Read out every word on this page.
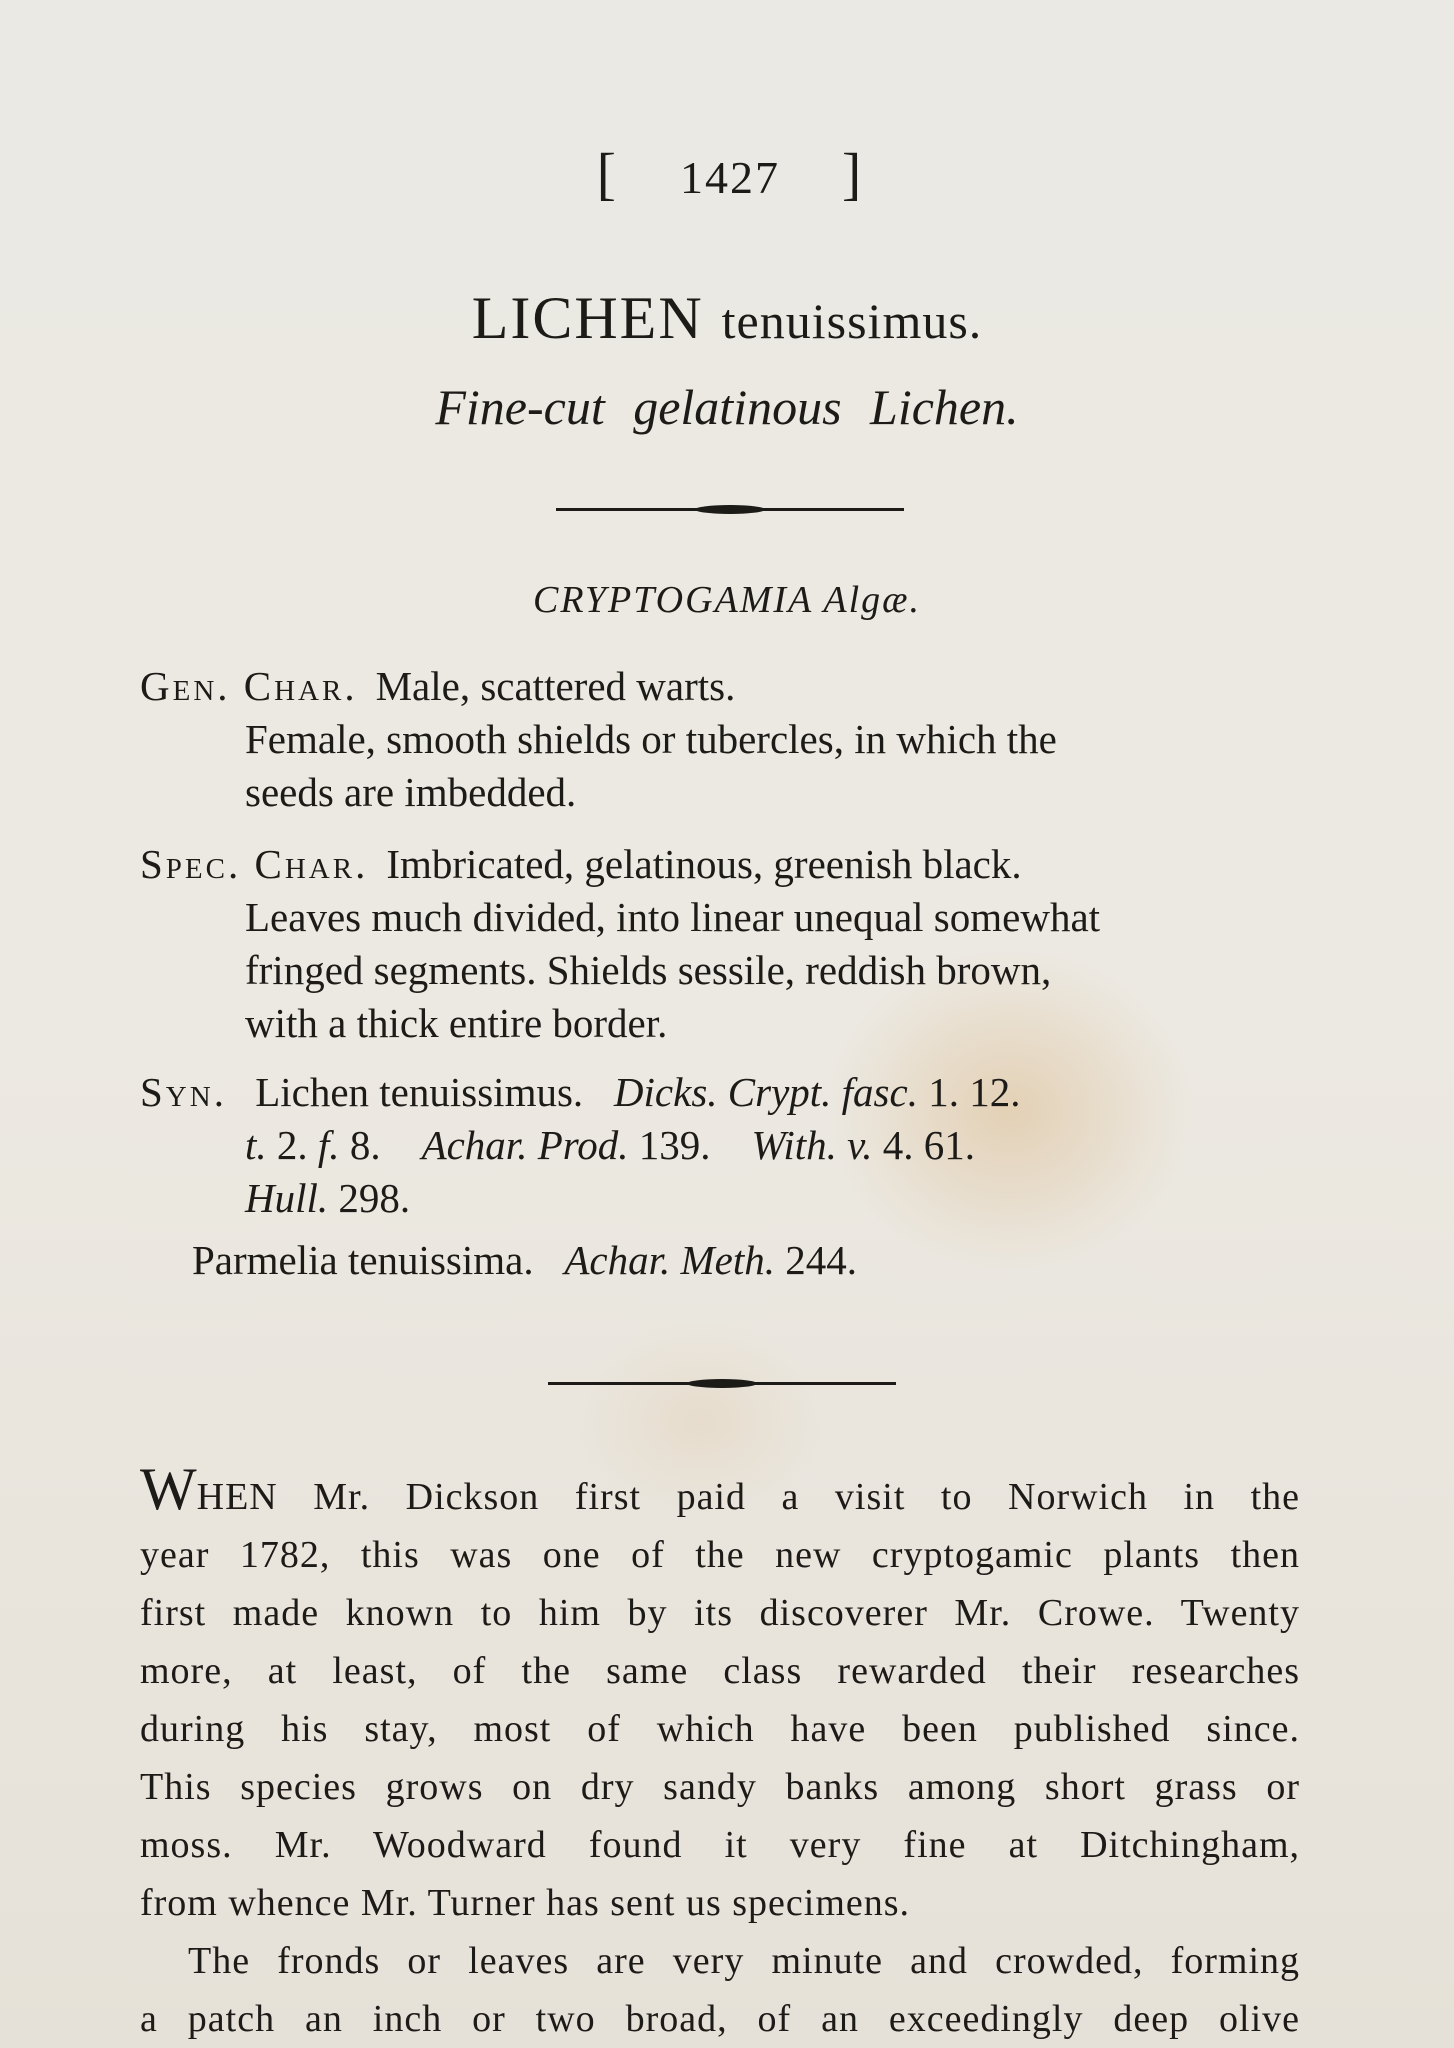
[ 1427 ]
LICHEN tenuissimus.
Fine-cut gelatinous Lichen.
CRYPTOGAMIA Algæ.
Gen. Char. Male, scattered warts.
Female, smooth shields or tubercles, in which the
seeds are imbedded.
Spec. Char. Imbricated, gelatinous, greenish black.
Leaves much divided, into linear unequal somewhat
fringed segments. Shields sessile, reddish brown,
with a thick entire border.
Syn. Lichen tenuissimus. Dicks. Crypt. fasc. 1. 12.
t. 2. f. 8. Achar. Prod. 139. With. v. 4. 61.
Hull. 298.
Parmelia tenuissima. Achar. Meth. 244.

WHEN Mr. Dickson first paid a visit to Norwich in the
year 1782, this was one of the new cryptogamic plants then
first made known to him by its discoverer Mr. Crowe. Twenty
more, at least, of the same class rewarded their researches
during his stay, most of which have been published since.
This species grows on dry sandy banks among short grass or
moss. Mr. Woodward found it very fine at Ditchingham,
from whence Mr. Turner has sent us specimens.

The fronds or leaves are very minute and crowded, forming
a patch an inch or two broad, of an exceedingly deep olive
